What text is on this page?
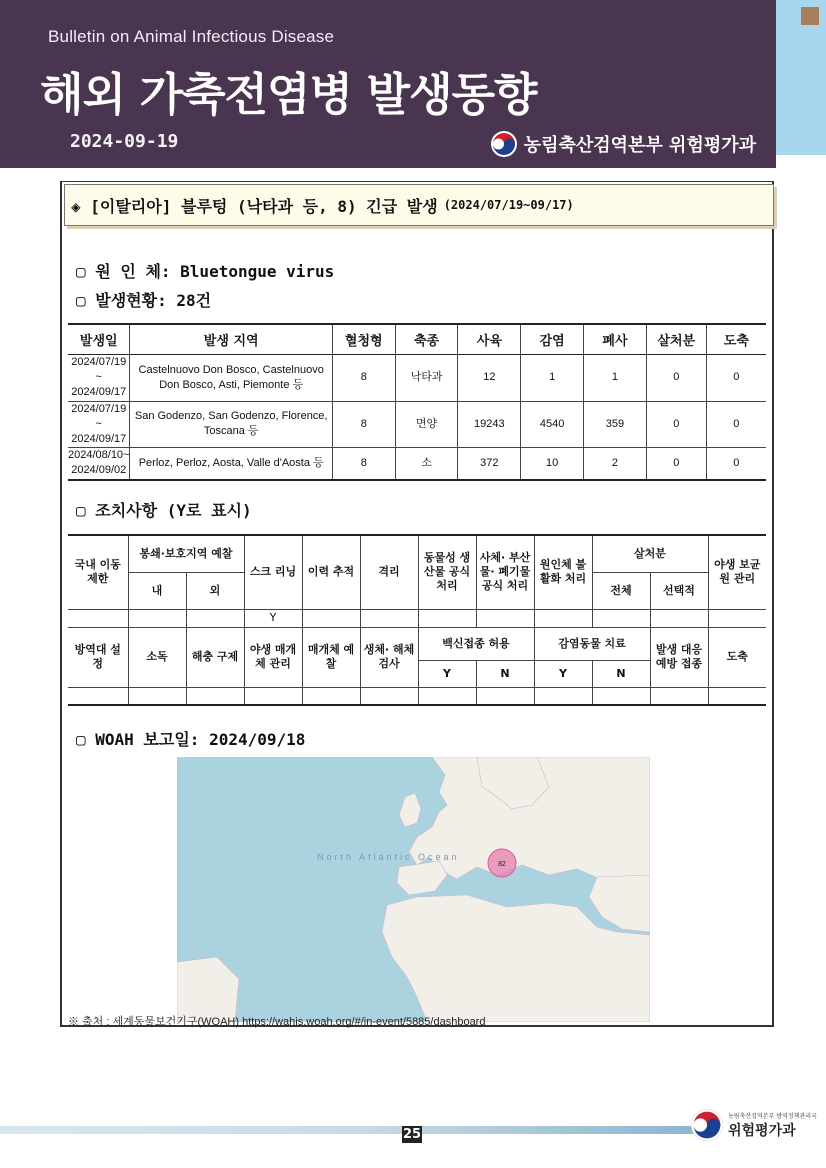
Bulletin on Animal Infectious Disease
해외 가축전염병 발생동향
2024-09-19	농림축산검역본부 위험평가과
◈ [이탈리아] 블루텅 (낙타과 등, 8) 긴급 발생 (2024/07/19~09/17)
▢ 원 인 체: Bluetongue virus
▢ 발생현황: 28건
발생일	발생 지역	혈청형	축종	사육	감염	폐사	살처분	도축
2024/07/19 ~ 2024/09/17	Castelnuovo Don Bosco, Castelnuovo Don Bosco, Asti, Piemonte 등	8	낙타과	12	1	1	0	0
2024/07/19 ~ 2024/09/17	San Godenzo, San Godenzo, Florence, Toscana 등	8	면양	19243	4540	359	0	0
2024/08/10~ 2024/09/02	Perloz, Perloz, Aosta, Valle d'Aosta 등	8	소	372	10	2	0	0
▢ 조치사항 (Y로 표시)
국내 이동 제한	봉쇄·보호지역 예찰		스크 리닝	이력 추적	격리	동물성 생산물 공식 처리	사체· 부산물· 폐기물 공식 처리	원인체 불활화 처리	살처분		야생 보균원 관리
	내	외							전체	선택적	
			Y								
방역대 설정	소독	해충 구제	야생 매개체 관리	매개체 예찰	생체· 해체 검사	백신접종 허용		감염동물 치료		발생 대응 예방 접종	도축
						Y	N	Y	N		

▢ WOAH 보고일: 2024/09/18
82
North Atlantic Ocean
※ 출처 : 세계동물보건기구(WOAH) https://wahis.woah.org/#/in-event/5885/dashboard
25
농림축산검역본부 방역정책관리국
위험평가과
